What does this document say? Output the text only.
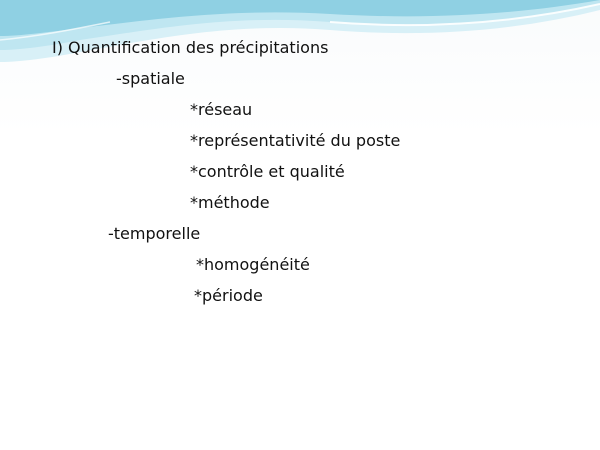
I) Quantification des précipitations

-spatiale

*réseau

*représentativité du poste

*contrôle et qualité

*méthode

-temporelle

*homogénéité

*période
